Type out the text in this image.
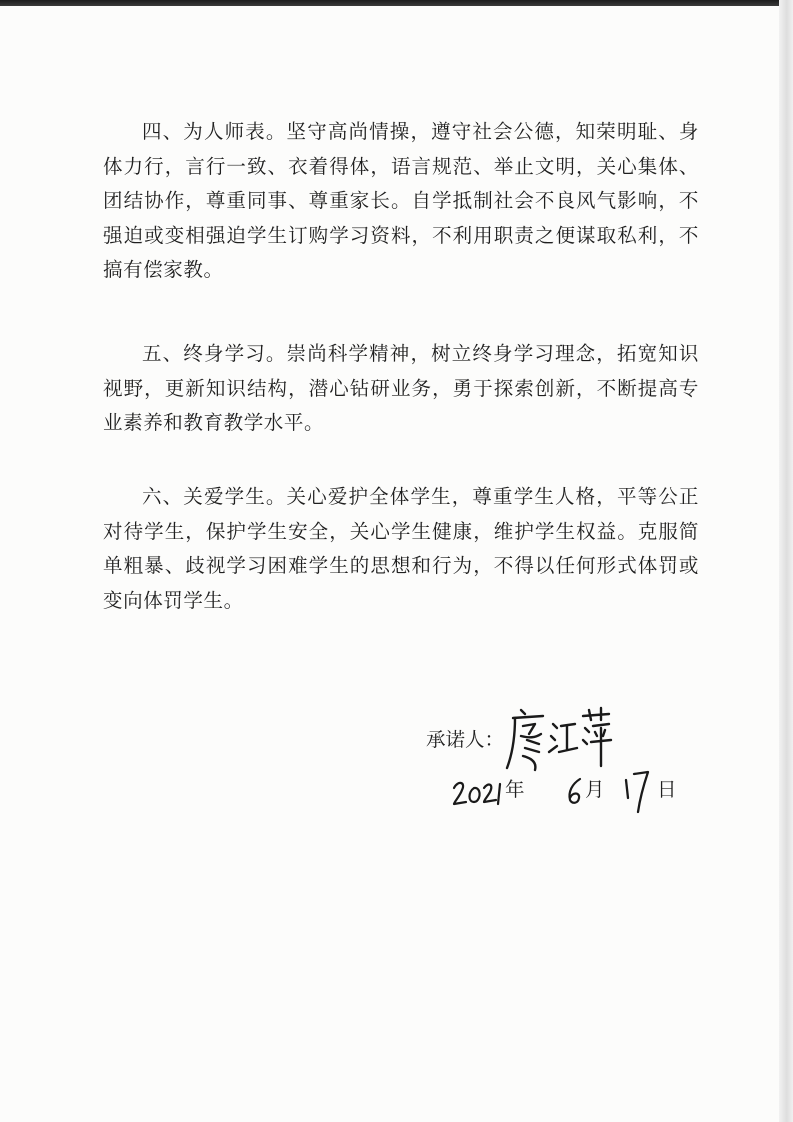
四、为人师表。坚守高尚情操，遵守社会公德，知荣明耻、身体力行，言行一致、衣着得体，语言规范、举止文明，关心集体、团结协作，尊重同事、尊重家长。自学抵制社会不良风气影响，不强迫或变相强迫学生订购学习资料，不利用职责之便谋取私利，不搞有偿家教。

五、终身学习。崇尚科学精神，树立终身学习理念，拓宽知识视野，更新知识结构，潜心钻研业务，勇于探索创新，不断提高专业素养和教育教学水平。

六、关爱学生。关心爱护全体学生，尊重学生人格，平等公正对待学生，保护学生安全，关心学生健康，维护学生权益。克服简单粗暴、歧视学习困难学生的思想和行为，不得以任何形式体罚或变向体罚学生。

承诺人：
年	月	日
